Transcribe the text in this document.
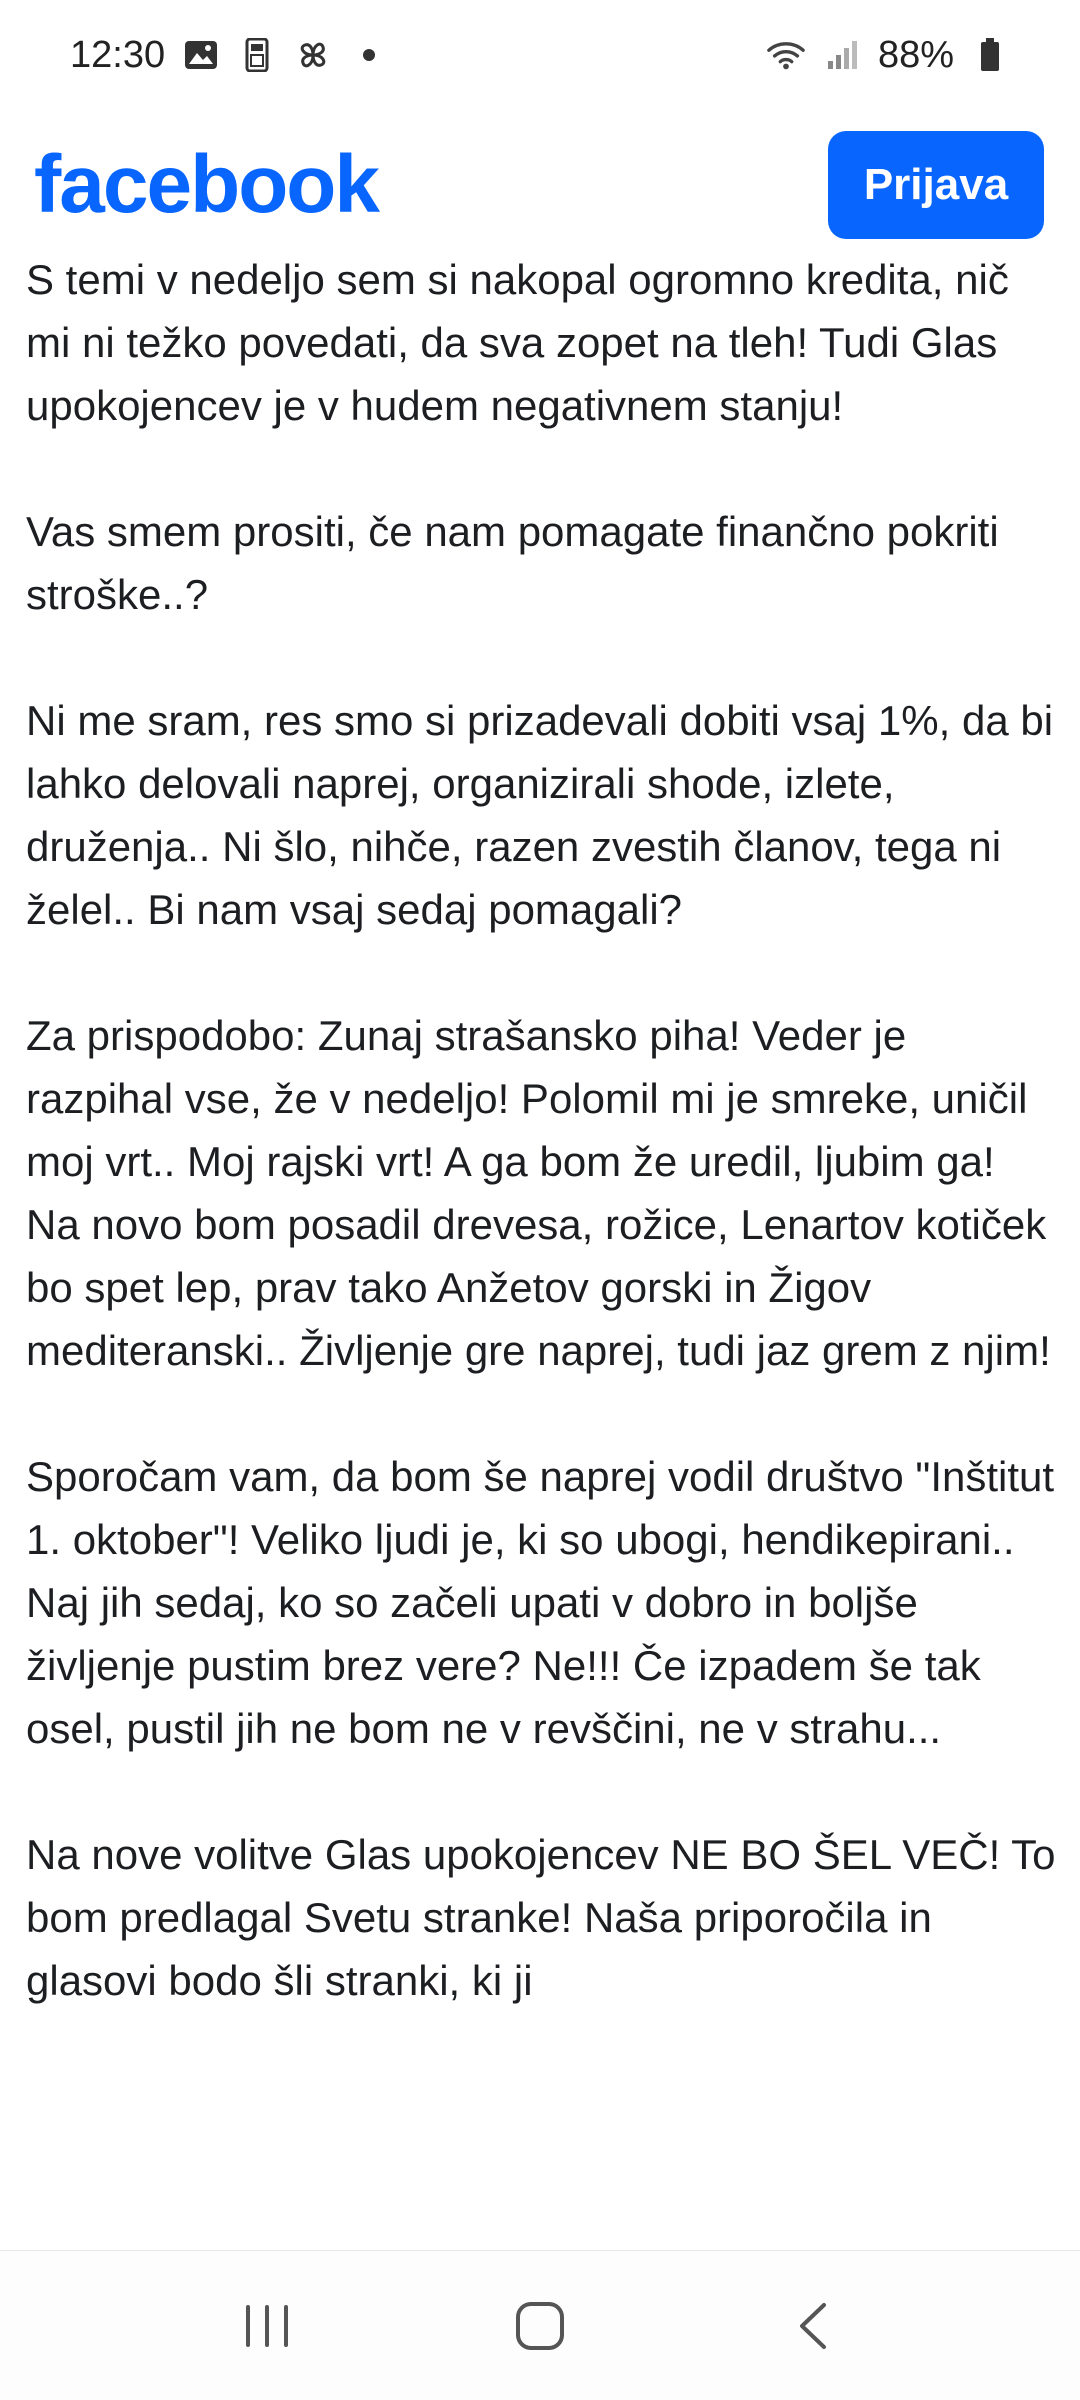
12:30	88%
facebook	Prijava

S temi v nedeljo sem si nakopal ogromno kredita, nič mi ni težko povedati, da sva zopet na tleh! Tudi Glas upokojencev je v hudem negativnem stanju!

Vas smem prositi, če nam pomagate finančno pokriti stroške..?

Ni me sram, res smo si prizadevali dobiti vsaj 1%, da bi lahko delovali naprej, organizirali shode, izlete, druženja.. Ni šlo, nihče, razen zvestih članov, tega ni želel.. Bi nam vsaj sedaj pomagali?

Za prispodobo: Zunaj strašansko piha! Veder je razpihal vse, že v nedeljo! Polomil mi je smreke, uničil moj vrt.. Moj rajski vrt! A ga bom že uredil, ljubim ga! Na novo bom posadil drevesa, rožice, Lenartov kotiček bo spet lep, prav tako Anžetov gorski in Žigov mediteranski.. Življenje gre naprej, tudi jaz grem z njim!

Sporočam vam, da bom še naprej vodil društvo "Inštitut 1. oktober"! Veliko ljudi je, ki so ubogi, hendikepirani.. Naj jih sedaj, ko so začeli upati v dobro in boljše življenje pustim brez vere? Ne!!! Če izpadem še tak osel, pustil jih ne bom ne v revščini, ne v strahu...

Na nove volitve Glas upokojencev NE BO ŠEL VEČ! To bom predlagal Svetu stranke! Naša priporočila in glasovi bodo šli stranki, ki ji
